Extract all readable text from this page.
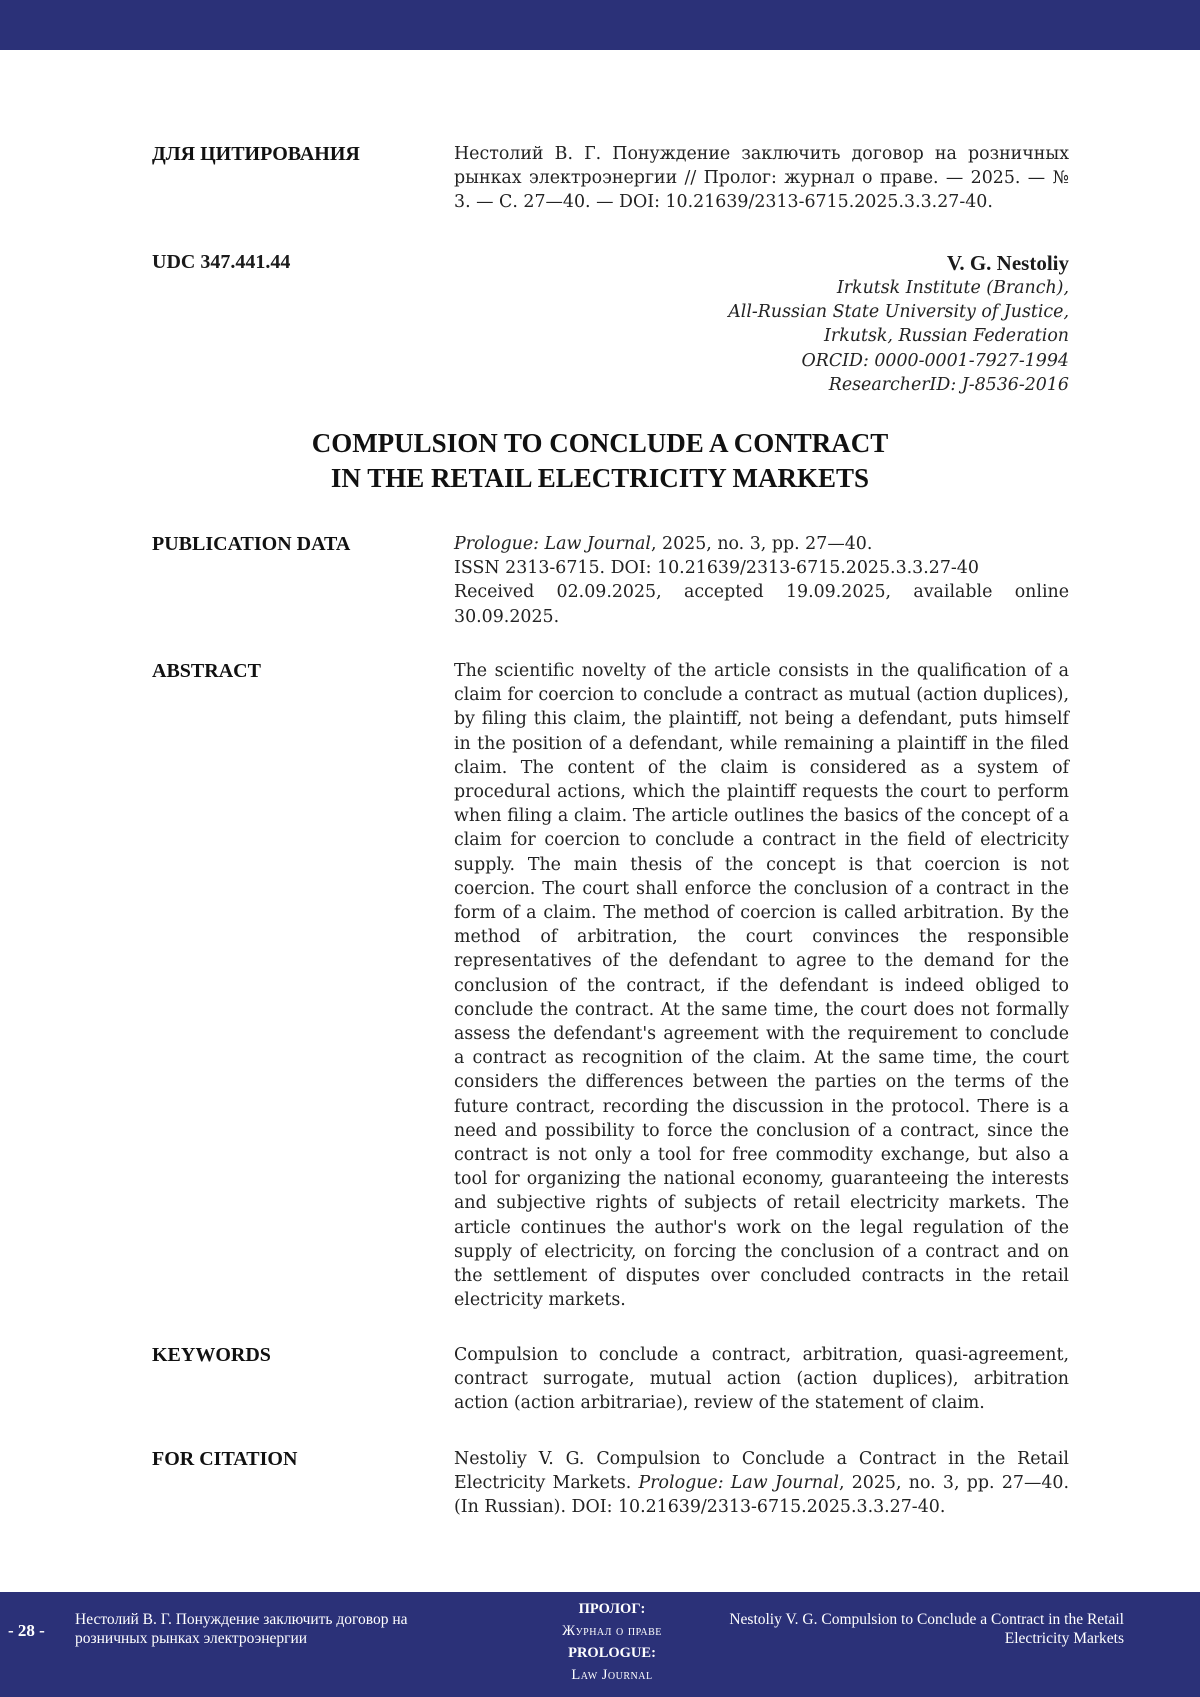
ДЛЯ ЦИТИРОВАНИЯ	Нестолий В. Г. Понуждение заключить договор на розничных рынках электроэнергии // Пролог: журнал о праве. — 2025. — № 3. — С. 27—40. — DOI: 10.21639/2313-6715.2025.3.3.27-40.
UDC 347.441.44	V. G. Nestoliy
Irkutsk Institute (Branch),
All-Russian State University of Justice,
Irkutsk, Russian Federation
ORCID: 0000-0001-7927-1994
ResearcherID: J-8536-2016
COMPULSION TO CONCLUDE A CONTRACT
IN THE RETAIL ELECTRICITY MARKETS
PUBLICATION DATA	Prologue: Law Journal, 2025, no. 3, pp. 27—40.

ISSN 2313-6715. DOI: 10.21639/2313-6715.2025.3.3.27-40

Received 02.09.2025, accepted 19.09.2025, available online 30.09.2025.

ABSTRACT	The scientific novelty of the article consists in the qualification of a claim for coercion to conclude a contract as mutual (action duplices), by filing this claim, the plaintiff, not being a defendant, puts himself in the position of a defendant, while remaining a plaintiff in the filed claim. The content of the claim is considered as a system of procedural actions, which the plaintiff requests the court to perform when filing a claim. The article outlines the basics of the concept of a claim for coercion to conclude a contract in the field of electricity supply. The main thesis of the concept is that coercion is not coercion. The court shall enforce the conclusion of a contract in the form of a claim. The method of coercion is called arbitration. By the method of arbitration, the court convinces the responsible representatives of the defendant to agree to the demand for the conclusion of the contract, if the defendant is indeed obliged to conclude the contract. At the same time, the court does not formally assess the defendant's agreement with the requirement to conclude a contract as recognition of the claim. At the same time, the court considers the differences between the parties on the terms of the future contract, recording the discussion in the protocol. There is a need and possibility to force the conclusion of a contract, since the contract is not only a tool for free commodity exchange, but also a tool for organizing the national economy, guaranteeing the interests and subjective rights of subjects of retail electricity markets. The article continues the author's work on the legal regulation of the supply of electricity, on forcing the conclusion of a contract and on the settlement of disputes over concluded contracts in the retail electricity markets.
KEYWORDS	Compulsion to conclude a contract, arbitration, quasi-agreement, contract surrogate, mutual action (action duplices), arbitration action (action arbitrariae), review of the statement of claim.
FOR CITATION	Nestoliy V. G. Compulsion to Conclude a Contract in the Retail Electricity Markets. Prologue: Law Journal, 2025, no. 3, pp. 27—40. (In Russian). DOI: 10.21639/2313-6715.2025.3.3.27-40.
- 28 -
Нестолий В. Г. Понуждение заключить договор на розничных рынках электроэнергии
ПРОЛОГ:
Журнал о праве
PROLOGUE:
Law Journal
Nestoliy V. G. Compulsion to Conclude a Contract in the Retail Electricity Markets
